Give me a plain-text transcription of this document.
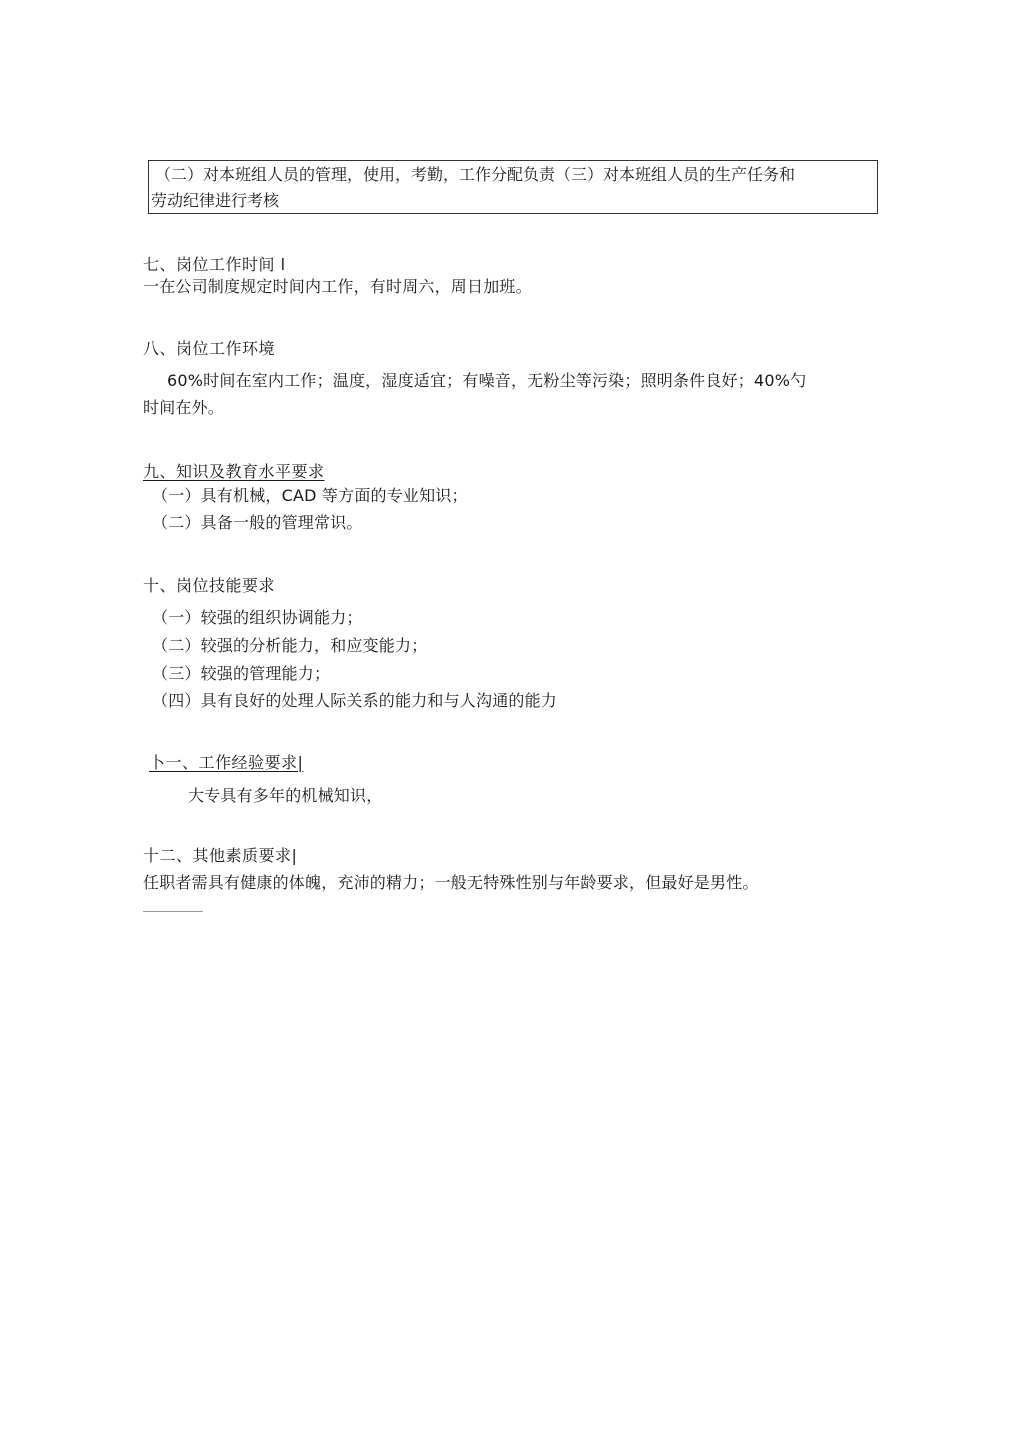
（二）对本班组人员的管理，使用，考勤，工作分配负责（三）对本班组人员的生产任务和
劳动纪律进行考核
七、岗位工作时间 l
一在公司制度规定时间内工作，有时周六，周日加班。
八、岗位工作环境
60%时间在室内工作；温度，湿度适宜；有噪音，无粉尘等污染；照明条件良好；40%勺
时间在外。
九、知识及教育水平要求
（一）具有机械，CAD 等方面的专业知识；
（二）具备一般的管理常识。
十、岗位技能要求
（一）较强的组织协调能力；
（二）较强的分析能力，和应变能力；
（三）较强的管理能力；
（四）具有良好的处理人际关系的能力和与人沟通的能力
卜一、工作经验要求|
大专具有多年的机械知识，
十二、其他素质要求|
任职者需具有健康的体魄，充沛的精力；一般无特殊性别与年龄要求，但最好是男性。
